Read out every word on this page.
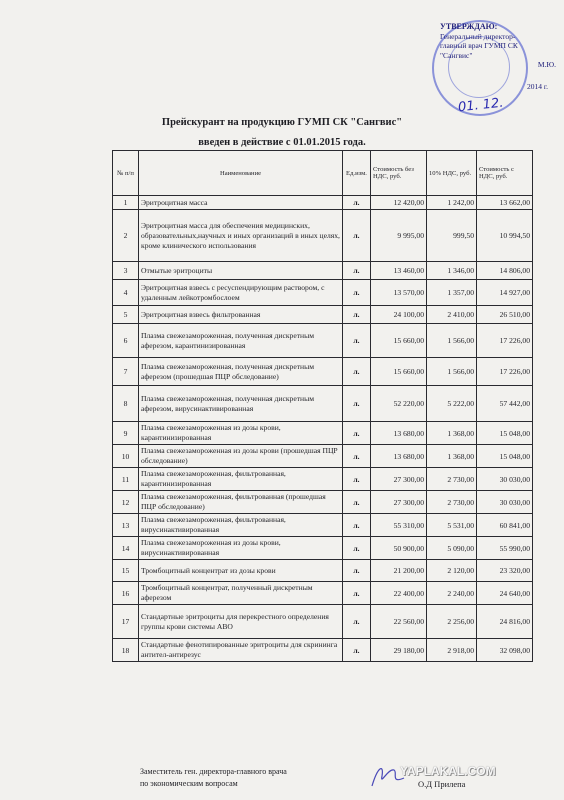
УТВЕРЖДАЮ:
Генеральный директор-
главный врач ГУМП СК
"Сангвис"
М.Ю.
2014 г.
01. 12.
Прейскурант на продукцию ГУМП СК "Сангвис"
введен в действие с 01.01.2015 года.
№ п/п	Наименование	Ед.изм.	Стоимость без НДС, руб.	10% НДС, руб.	Стоимость с НДС, руб.
1	Эритроцитная масса	л.	12 420,00	1 242,00	13 662,00
2	Эритроцитная масса для обеспечения медицинских, образовательных,научных и иных организаций в иных целях, кроме клинического использования	л.	9 995,00	999,50	10 994,50
3	Отмытые эритроциты	л.	13 460,00	1 346,00	14 806,00
4	Эритроцитная взвесь с ресуспендирующим раствором, с удаленным лейкотромбослоем	л.	13 570,00	1 357,00	14 927,00
5	Эритроцитная взвесь фильтрованная	л.	24 100,00	2 410,00	26 510,00
6	Плазма свежезамороженная, полученная дискретным аферезом, карантинизированная	л.	15 660,00	1 566,00	17 226,00
7	Плазма свежезамороженная, полученная дискретным аферезом (прошедшая ПЦР обследование)	л.	15 660,00	1 566,00	17 226,00
8	Плазма свежезамороженная, полученная дискретным аферезом, вирусинактивированная	л.	52 220,00	5 222,00	57 442,00
9	Плазма свежезамороженная из дозы крови, карантинизированная	л.	13 680,00	1 368,00	15 048,00
10	Плазма свежезамороженная из дозы крови (прошедшая ПЦР обследование)	л.	13 680,00	1 368,00	15 048,00
11	Плазма свежезамороженная, фильтрованная, карантинизированная	л.	27 300,00	2 730,00	30 030,00
12	Плазма свежезамороженная, фильтрованная (прошедшая ПЦР обследование)	л.	27 300,00	2 730,00	30 030,00
13	Плазма свежезамороженная, фильтрованная, вирусинактивированная	л.	55 310,00	5 531,00	60 841,00
14	Плазма свежезамороженная из дозы крови, вирусинактивированная	л.	50 900,00	5 090,00	55 990,00
15	Тромбоцитный концентрат из дозы крови	л.	21 200,00	2 120,00	23 320,00
16	Тромбоцитный концентрат, полученный дискретным аферезом	л.	22 400,00	2 240,00	24 640,00
17	Стандартные эритроциты для перекрестного определения группы крови системы АВО	л.	22 560,00	2 256,00	24 816,00
18	Стандартные фенотипированные эритроциты для скрининга антител-антирезус	л.	29 180,00	2 918,00	32 098,00
Заместитель ген. директора-главного врача
по экономическим вопросам	О.Д Прилепа
YAPLAKAL.COM
